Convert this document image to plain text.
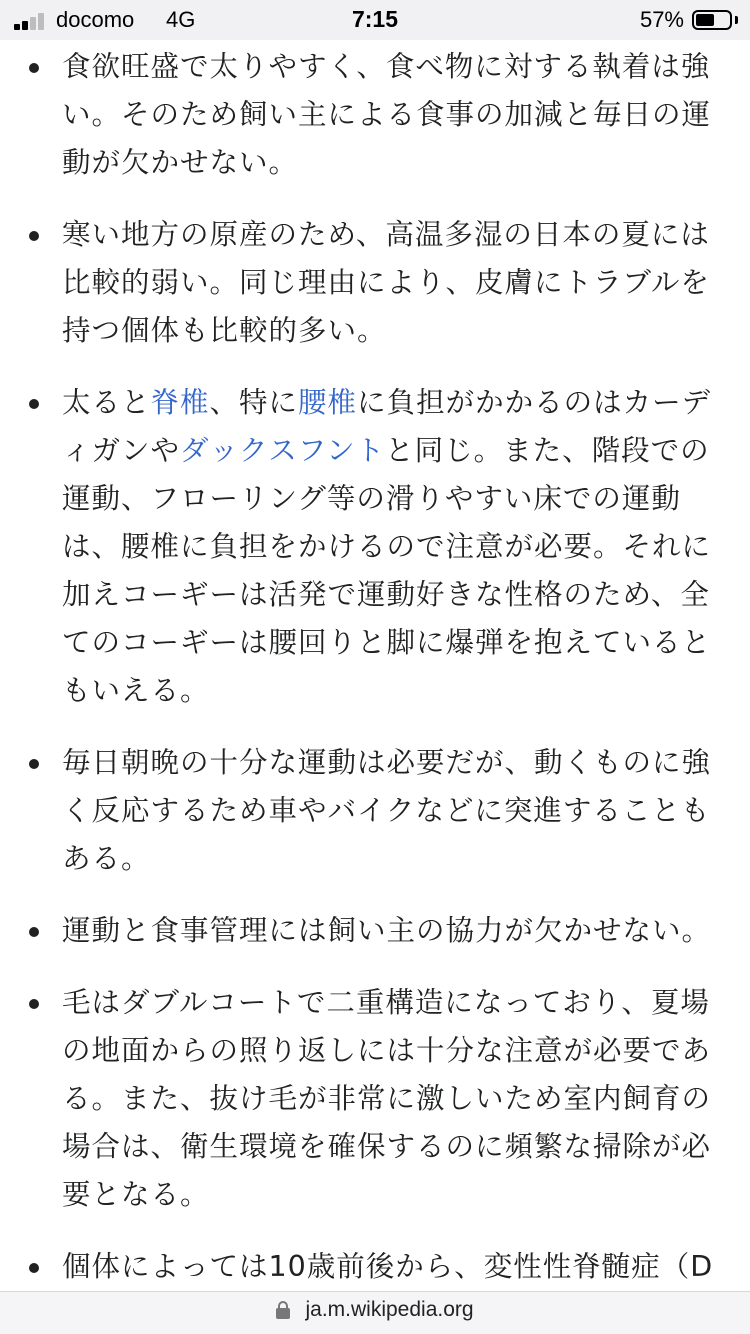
docomo 4G	7:15	57%
食欲旺盛で太りやすく、食べ物に対する執着は強い。そのため飼い主による食事の加減と毎日の運動が欠かせない。
寒い地方の原産のため、高温多湿の日本の夏には比較的弱い。同じ理由により、皮膚にトラブルを持つ個体も比較的多い。
太ると脊椎、特に腰椎に負担がかかるのはカーディガンやダックスフントと同じ。また、階段での運動、フローリング等の滑りやすい床での運動は、腰椎に負担をかけるので注意が必要。それに加えコーギーは活発で運動好きな性格のため、全てのコーギーは腰回りと脚に爆弾を抱えているともいえる。
毎日朝晩の十分な運動は必要だが、動くものに強く反応するため車やバイクなどに突進することもある。
運動と食事管理には飼い主の協力が欠かせない。
毛はダブルコートで二重構造になっており、夏場の地面からの照り返しには十分な注意が必要である。また、抜け毛が非常に激しいため室内飼育の場合は、衛生環境を確保するのに頻繁な掃除が必要となる。
個体によっては10歳前後から、変性性脊髄症（D
ja.m.wikipedia.org
